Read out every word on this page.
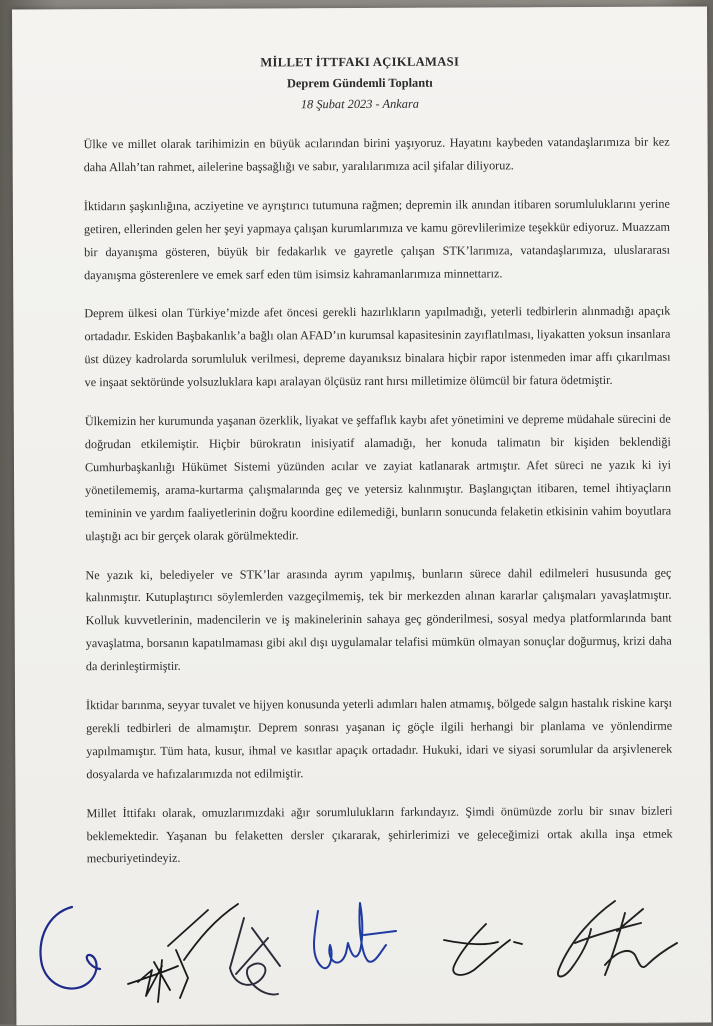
MİLLET İTTFAKI AÇIKLAMASI
Deprem Gündemli Toplantı
18 Şubat 2023 - Ankara

Ülke ve millet olarak tarihimizin en büyük acılarından birini yaşıyoruz. Hayatını kaybeden vatandaşlarımıza bir kez daha Allah’tan rahmet, ailelerine başsağlığı ve sabır, yaralılarımıza acil şifalar diliyoruz.

İktidarın şaşkınlığına, acziyetine ve ayrıştırıcı tutumuna rağmen; depremin ilk anından itibaren sorumluluklarını yerine getiren, ellerinden gelen her şeyi yapmaya çalışan kurumlarımıza ve kamu görevlilerimize teşekkür ediyoruz. Muazzam bir dayanışma gösteren, büyük bir fedakarlık ve gayretle çalışan STK’larımıza, vatandaşlarımıza, uluslararası dayanışma gösterenlere ve emek sarf eden tüm isimsiz kahramanlarımıza minnettarız.

Deprem ülkesi olan Türkiye’mizde afet öncesi gerekli hazırlıkların yapılmadığı, yeterli tedbirlerin alınmadığı apaçık ortadadır. Eskiden Başbakanlık’a bağlı olan AFAD’ın kurumsal kapasitesinin zayıflatılması, liyakatten yoksun insanlara üst düzey kadrolarda sorumluluk verilmesi, depreme dayanıksız binalara hiçbir rapor istenmeden imar affı çıkarılması ve inşaat sektöründe yolsuzluklara kapı aralayan ölçüsüz rant hırsı milletimize ölümcül bir fatura ödetmiştir.

Ülkemizin her kurumunda yaşanan özerklik, liyakat ve şeffaflık kaybı afet yönetimini ve depreme müdahale sürecini de doğrudan etkilemiştir. Hiçbir bürokratın inisiyatif alamadığı, her konuda talimatın bir kişiden beklendiği Cumhurbaşkanlığı Hükümet Sistemi yüzünden acılar ve zayiat katlanarak artmıştır. Afet süreci ne yazık ki iyi yönetilememiş, arama-kurtarma çalışmalarında geç ve yetersiz kalınmıştır. Başlangıçtan itibaren, temel ihtiyaçların temininin ve yardım faaliyetlerinin doğru koordine edilemediği, bunların sonucunda felaketin etkisinin vahim boyutlara ulaştığı acı bir gerçek olarak görülmektedir.

Ne yazık ki, belediyeler ve STK’lar arasında ayrım yapılmış, bunların sürece dahil edilmeleri hususunda geç kalınmıştır. Kutuplaştırıcı söylemlerden vazgeçilmemiş, tek bir merkezden alınan kararlar çalışmaları yavaşlatmıştır. Kolluk kuvvetlerinin, madencilerin ve iş makinelerinin sahaya geç gönderilmesi, sosyal medya platformlarında bant yavaşlatma, borsanın kapatılmaması gibi akıl dışı uygulamalar telafisi mümkün olmayan sonuçlar doğurmuş, krizi daha da derinleştirmiştir.

İktidar barınma, seyyar tuvalet ve hijyen konusunda yeterli adımları halen atmamış, bölgede salgın hastalık riskine karşı gerekli tedbirleri de almamıştır. Deprem sonrası yaşanan iç göçle ilgili herhangi bir planlama ve yönlendirme yapılmamıştır. Tüm hata, kusur, ihmal ve kasıtlar apaçık ortadadır. Hukuki, idari ve siyasi sorumlular da arşivlenerek dosyalarda ve hafızalarımızda not edilmiştir.

Millet İttifakı olarak, omuzlarımızdaki ağır sorumlulukların farkındayız. Şimdi önümüzde zorlu bir sınav bizleri beklemektedir. Yaşanan bu felaketten dersler çıkararak, şehirlerimizi ve geleceğimizi ortak akılla inşa etmek mecburiyetindeyiz.
